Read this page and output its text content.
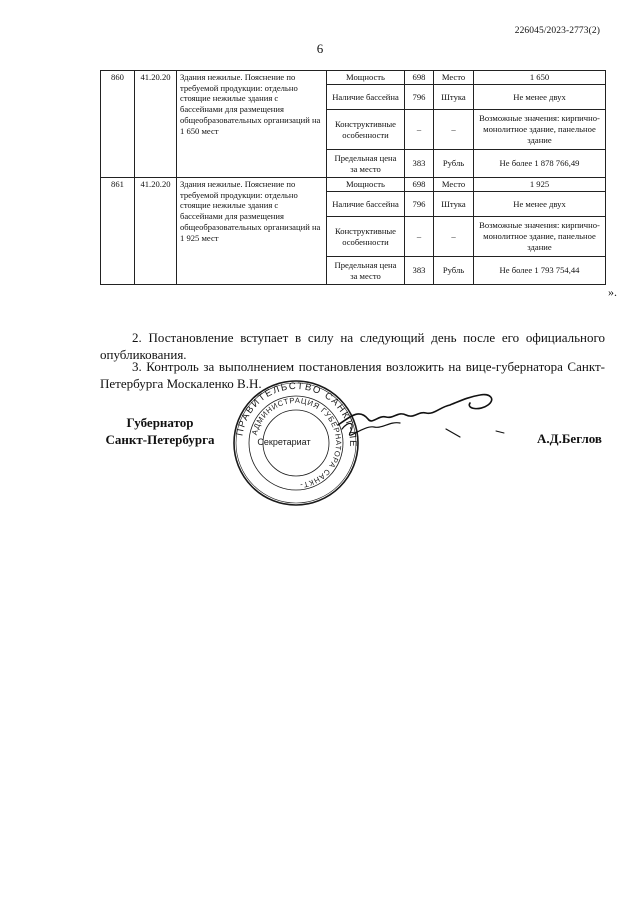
226045/2023-2773(2)
6
860	41.20.20	Здания нежилые. Пояснение по требуемой продукции: отдельно стоящие нежилые здания с бассейнами для размещения общеобразовательных организаций на 1 650 мест	Мощность	698	Место	1 650
			Наличие бассейна	796	Штука	Не менее двух
			Конструктивные особенности	–	–	Возможные значения: кирпично-монолитное здание, панельное здание
			Предельная цена за место	383	Рубль	Не более 1 878 766,49
861	41.20.20	Здания нежилые. Пояснение по требуемой продукции: отдельно стоящие нежилые здания с бассейнами для размещения общеобразовательных организаций на 1 925 мест	Мощность	698	Место	1 925
			Наличие бассейна	796	Штука	Не менее двух
			Конструктивные особенности	–	–	Возможные значения: кирпично-монолитное здание, панельное здание
			Предельная цена за место	383	Рубль	Не более 1 793 754,44
».

2. Постановление вступает в силу на следующий день после его официального опубликования.

3. Контроль за выполнением постановления возложить на вице-губернатора Санкт-Петербурга Москаленко В.Н.

Губернатор
Санкт-Петербурга	А.Д.Беглов
ПРАВИТЕЛЬСТВО САНКТ-ПЕ
АДМИНИСТРАЦИЯ ГУБЕРНАТОРА САНКТ-
Секретариат
